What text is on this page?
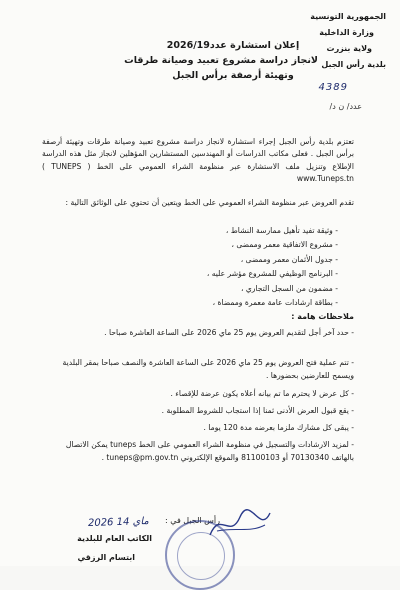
الجمهورية التونسية
وزارة الداخلية
ولاية بنزرت
بلدية رأس الجبل
4389
عدد/ ن د/
إعلان استشارة عدد2026/19
لانجاز دراسة مشروع تعبيد وصيانة طرقات
وتهيئة أرصفة برأس الجبل
تعتزم بلدية رأس الجبل إجراء استشارة لانجاز دراسة مشروع تعبيد وصيانة طرقات وتهيئة أرصفة برأس الجبل . فعلى مكاتب الدراسات أو المهندسين المستشارين المؤهلين لانجاز مثل هذه الدراسة الإطلاع وتنزيل ملف الاستشارة عبر منظومة الشراء العمومي على الخط ( TUNEPS ) www.Tuneps.tn
تقدم العروض عبر منظومة الشراء العمومي على الخط ويتعين أن تحتوي على الوثائق التالية :
- وثيقة تفيد تأهيل ممارسة النشاط ،
- مشروع الاتفاقية معمر وممضى ،
- جدول الأثمان معمر وممضى ،
- البرنامج الوظيفي للمشروع مؤشر عليه ،
- مضمون من السجل التجاري ،
- بطاقة ارشادات عامة معمرة وممضاة ،
ملاحظات هامة :
- حدد آخر أجل لتقديم العروض يوم 25 ماي 2026 على الساعة العاشرة صباحا .
- تتم عملية فتح العروض يوم 25 ماي 2026 على الساعة العاشرة والنصف صباحا بمقر البلدية ويسمح للعارضين بحضورها .
- كل عرض لا يحترم ما تم بيانه أعلاه يكون عرضة للإقصاء .
- يقع قبول العرض الأدنى ثمنا إذا استجاب للشروط المطلوبة .
- يبقى كل مشارك ملزما بعرضه مدة 120 يوما .
- لمزيد الارشادات والتسجيل في منظومة الشراء العمومي على الخط tuneps يمكن الاتصال بالهاتف 70130340 أو 81100103 والموقع الإلكتروني tuneps@pm.gov.tn .
2026 ماي 14 رأس الجبل في :
الكاتب العام للبلدية
ابتسام الرزقي
